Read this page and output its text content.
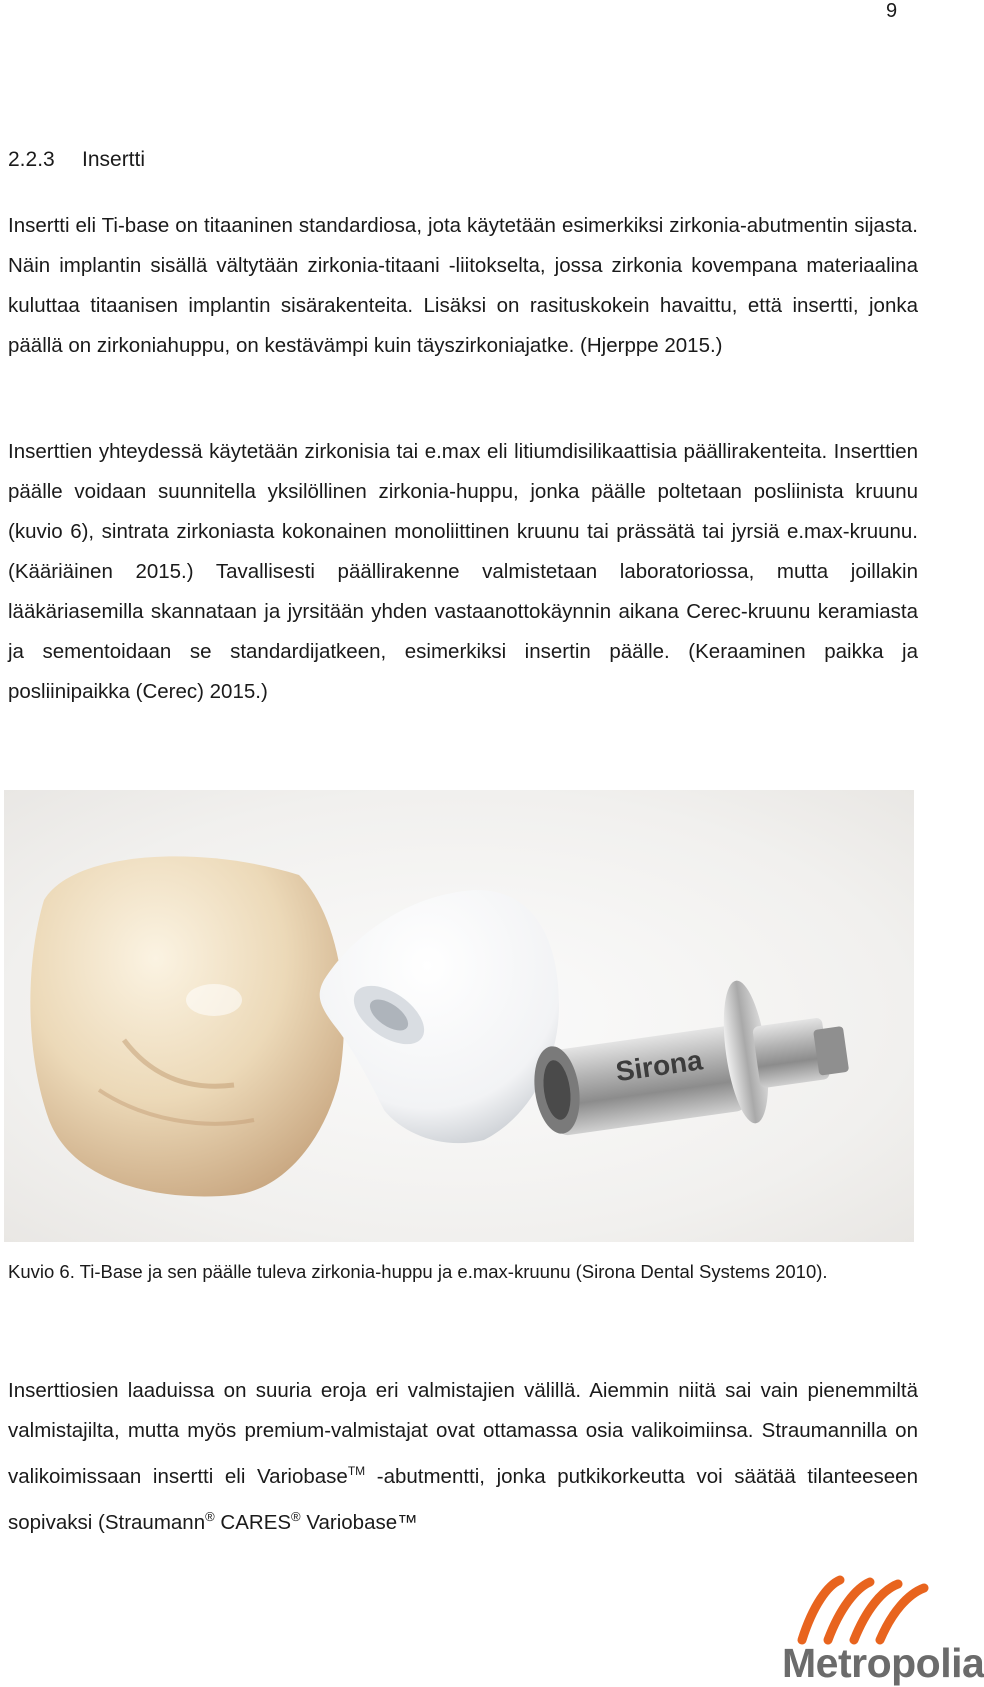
9
2.2.3 Insertti

Insertti eli Ti-base on titaaninen standardiosa, jota käytetään esimerkiksi zirkonia-abutmentin sijasta. Näin implantin sisällä vältytään zirkonia-titaani -liitokselta, jossa zirkonia kovempana materiaalina kuluttaa titaanisen implantin sisärakenteita. Lisäksi on rasituskokein havaittu, että insertti, jonka päällä on zirkoniahuppu, on kestävämpi kuin täyszirkoniajatke. (Hjerppe 2015.)

Inserttien yhteydessä käytetään zirkonisia tai e.max eli litiumdisilikaattisia päällirakenteita. Inserttien päälle voidaan suunnitella yksilöllinen zirkonia-huppu, jonka päälle poltetaan posliinista kruunu (kuvio 6), sintrata zirkoniasta kokonainen monoliittinen kruunu tai prässätä tai jyrsiä e.max-kruunu. (Kääriäinen 2015.) Tavallisesti päällirakenne valmistetaan laboratoriossa, mutta joillakin lääkäriasemilla skannataan ja jyrsitään yhden vastaanottokäynnin aikana Cerec-kruunu keramiasta ja sementoidaan se standardijatkeen, esimerkiksi insertin päälle. (Keraaminen paikka ja posliinipaikka (Cerec) 2015.)

Sirona

Kuvio 6. Ti-Base ja sen päälle tuleva zirkonia-huppu ja e.max-kruunu (Sirona Dental Systems 2010).

Inserttiosien laaduissa on suuria eroja eri valmistajien välillä. Aiemmin niitä sai vain pienemmiltä valmistajilta, mutta myös premium-valmistajat ovat ottamassa osia valikoimiinsa. Straumannilla on valikoimissaan insertti eli Variobase™ -abutmentti, jonka putkikorkeutta voi säätää tilanteeseen sopivaksi (Straumann® CARES® Variobase™

Metropolia
